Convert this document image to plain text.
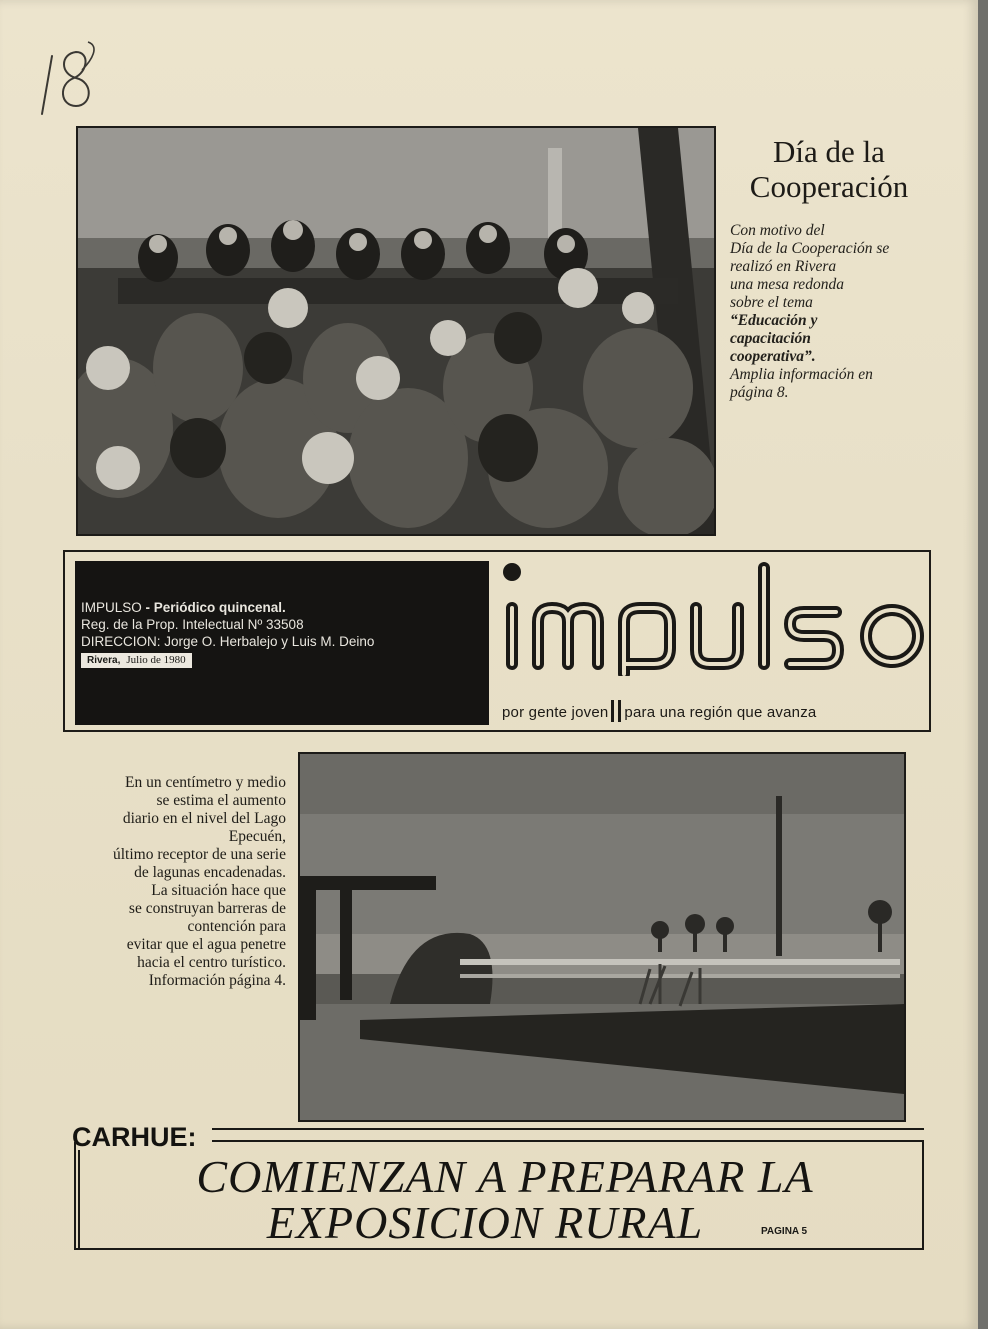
Día de la
Cooperación

Con motivo del

Día de la Cooperación se

realizó en Rivera

una mesa redonda

sobre el tema

“Educación y

capacitación

cooperativa”.

Amplia información en

página 8.

IMPULSO - Periódico quincenal.
Reg. de la Prop. Intelectual Nº 33508
DIRECCION: Jorge O. Herbalejo y Luis M. Deino
Rivera, Julio de 1980
por gente joven para una región que avanza

En un centímetro y medio

se estima el aumento

diario en el nivel del Lago

Epecuén,

último receptor de una serie

de lagunas encadenadas.

La situación hace que

se construyan barreras de

contención para

evitar que el agua penetre

hacia el centro turístico.

Información página 4.

CARHUE:
COMIENZAN A PREPARAR LA
EXPOSICION RURAL	PAGINA 5
